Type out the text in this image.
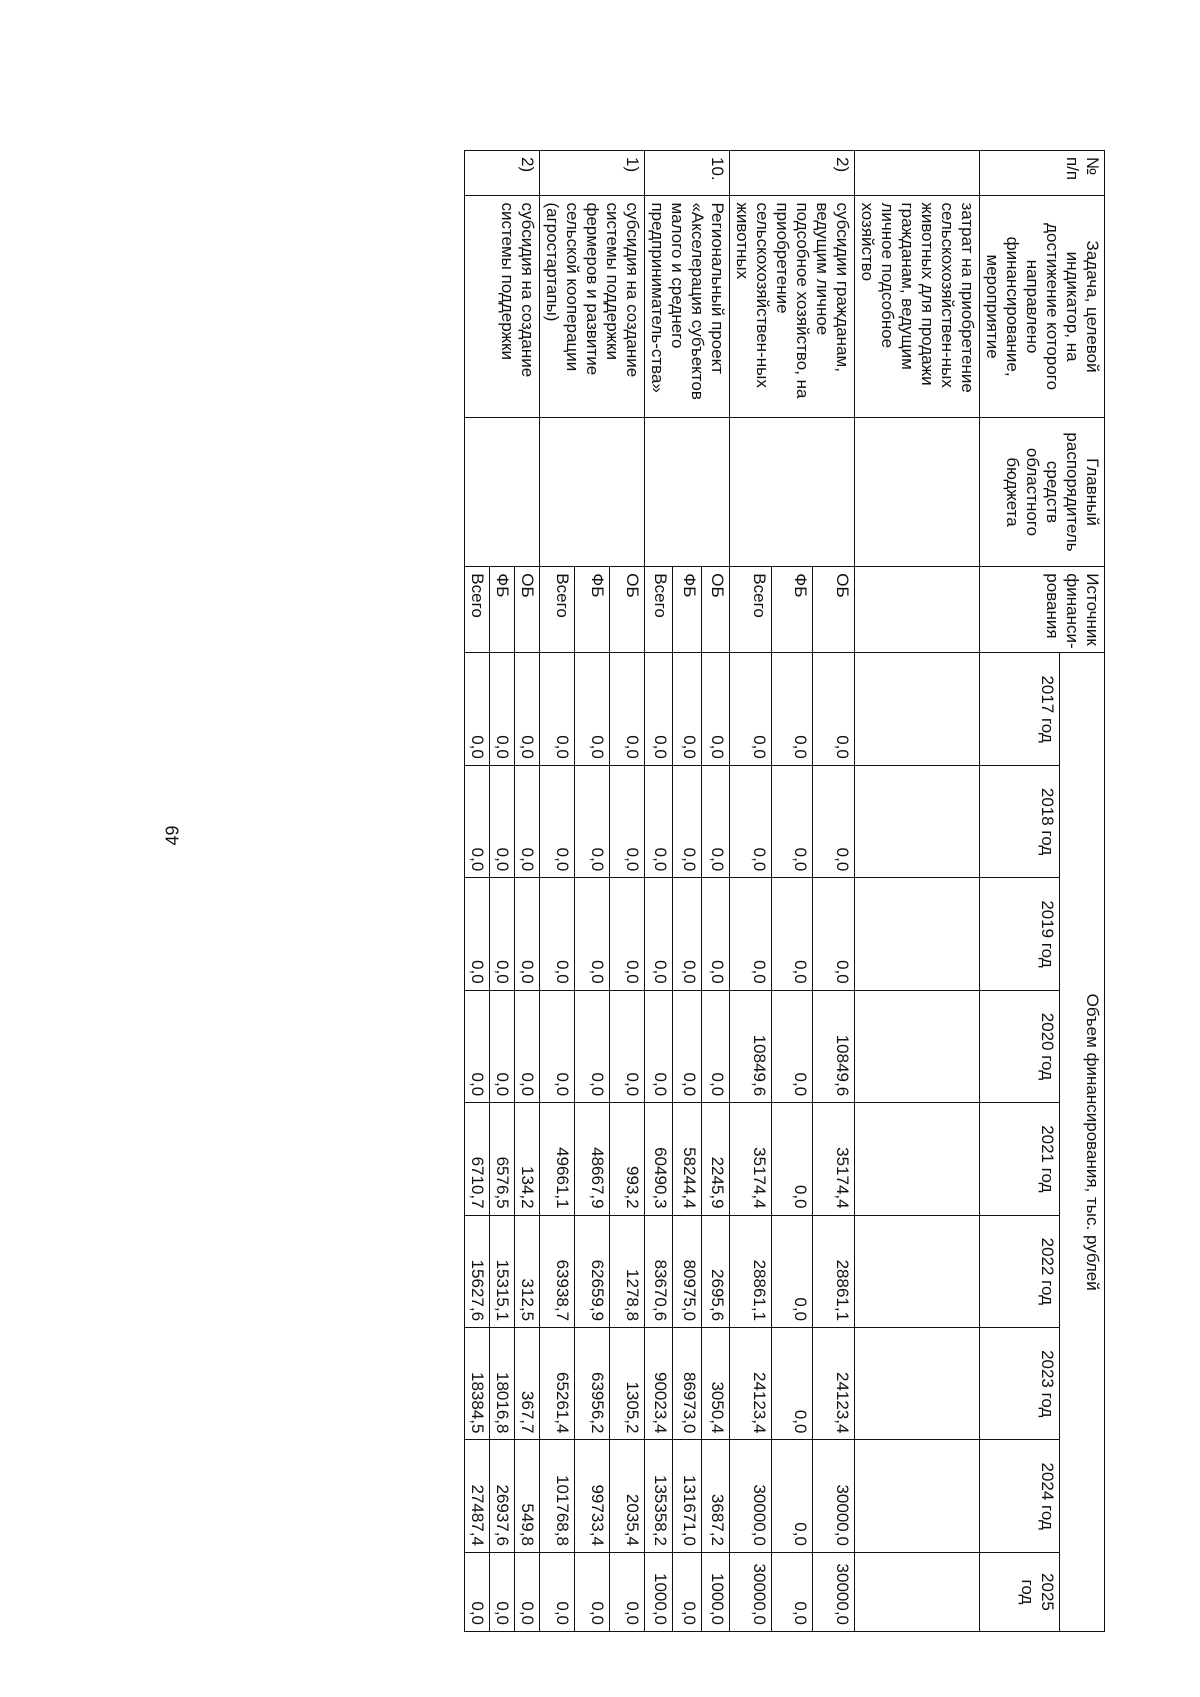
49
№ п/п	Задача, целевой индикатор, на достижение которого направлено финансирование, мероприятие	Главный распорядитель средств областного бюджета	Источник финанси-рования	Объем финансирования, тыс. рублей								
				2017 год	2018 год	2019 год	2020 год	2021 год	2022 год	2023 год	2024 год	2025 год
	затрат на приобретение сельскохозяйствен-ных животных для продажи гражданам, ведущим личное подсобное хозяйство											
2)	субсидии гражданам, ведущим личное подсобное хозяйство, на приобретение сельскохозяйствен-ных животных		ОБ	0,0	0,0	0,0	10849,6	35174,4	28861,1	24123,4	30000,0	30000,0
			ФБ	0,0	0,0	0,0	0,0	0,0	0,0	0,0	0,0	0,0
			Всего	0,0	0,0	0,0	10849,6	35174,4	28861,1	24123,4	30000,0	30000,0
10.	Региональный проект «Акселерация субъектов малого и среднего предприниматель-ства»		ОБ	0,0	0,0	0,0	0,0	2245,9	2695,6	3050,4	3687,2	1000,0
			ФБ	0,0	0,0	0,0	0,0	58244,4	80975,0	86973,0	131671,0	0,0
			Всего	0,0	0,0	0,0	0,0	60490,3	83670,6	90023,4	135358,2	1000,0
1)	субсидия на создание системы поддержки фермеров и развитие сельской кооперации (агростартапы)		ОБ	0,0	0,0	0,0	0,0	993,2	1278,8	1305,2	2035,4	0,0
			ФБ	0,0	0,0	0,0	0,0	48667,9	62659,9	63956,2	99733,4	0,0
			Всего	0,0	0,0	0,0	0,0	49661,1	63938,7	65261,4	101768,8	0,0
2)	субсидия на создание системы поддержки		ОБ	0,0	0,0	0,0	0,0	134,2	312,5	367,7	549,8	0,0
			ФБ	0,0	0,0	0,0	0,0	6576,5	15315,1	18016,8	26937,6	0,0
			Всего	0,0	0,0	0,0	0,0	6710,7	15627,6	18384,5	27487,4	0,0
